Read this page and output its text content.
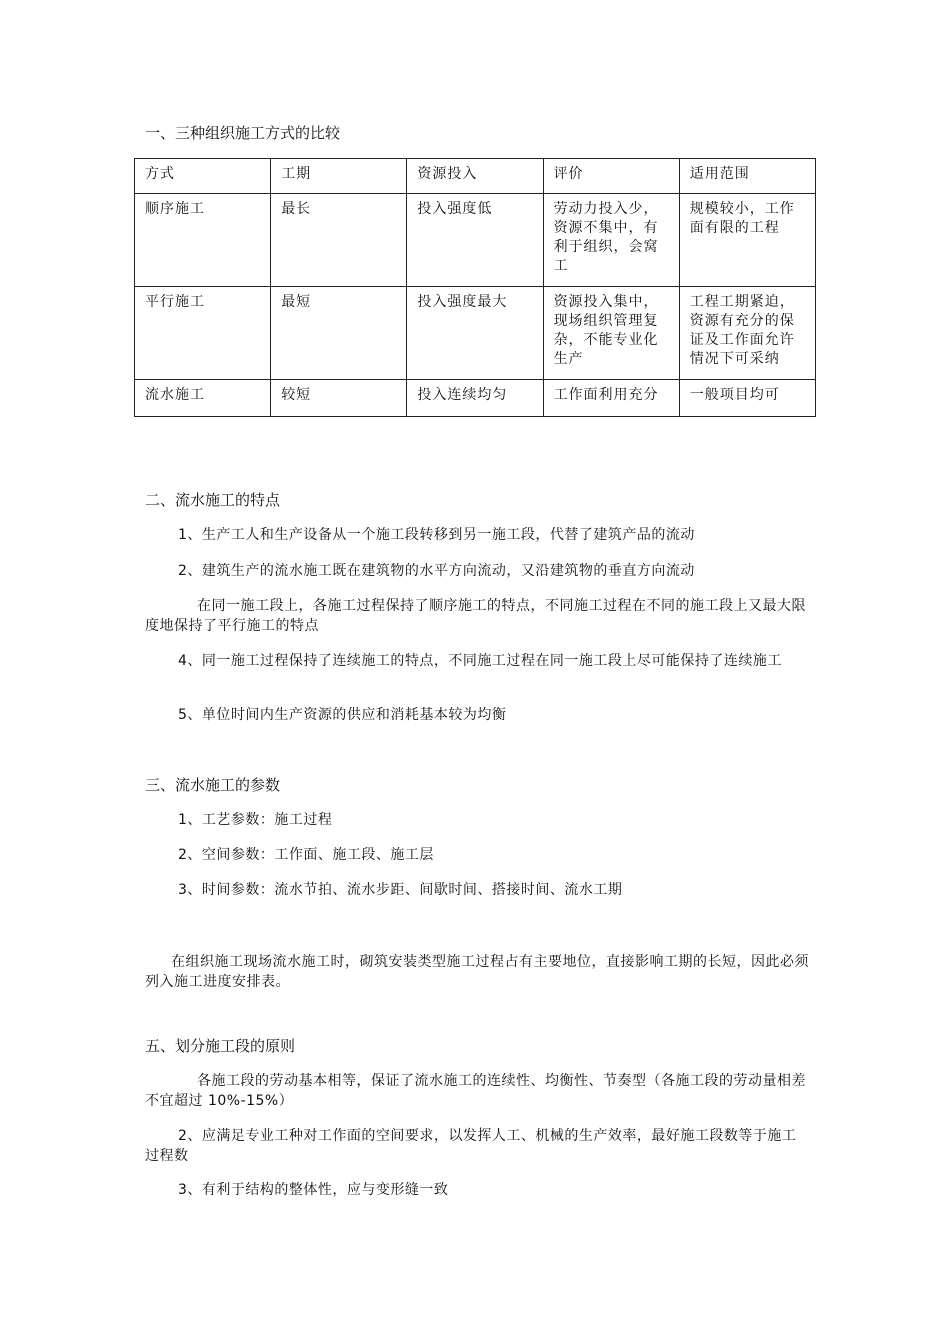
一、三种组织施工方式的比较
方式	工期	资源投入	评价	适用范围
顺序施工	最长	投入强度低	劳动力投入少，资源不集中，有利于组织，会窝工	规模较小，工作面有限的工程
平行施工	最短	投入强度最大	资源投入集中，现场组织管理复杂，不能专业化生产	工程工期紧迫，资源有充分的保证及工作面允许情况下可采纳
流水施工	较短	投入连续均匀	工作面利用充分	一般项目均可
二、流水施工的特点
1、生产工人和生产设备从一个施工段转移到另一施工段，代替了建筑产品的流动
2、建筑生产的流水施工既在建筑物的水平方向流动，又沿建筑物的垂直方向流动
在同一施工段上，各施工过程保持了顺序施工的特点，不同施工过程在不同的施工段上又最大限度地保持了平行施工的特点
4、同一施工过程保持了连续施工的特点，不同施工过程在同一施工段上尽可能保持了连续施工
5、单位时间内生产资源的供应和消耗基本较为均衡
三、流水施工的参数
1、工艺参数：施工过程
2、空间参数：工作面、施工段、施工层
3、时间参数：流水节拍、流水步距、间歇时间、搭接时间、流水工期
在组织施工现场流水施工时，砌筑安装类型施工过程占有主要地位，直接影响工期的长短，因此必须列入施工进度安排表。
五、划分施工段的原则
各施工段的劳动基本相等，保证了流水施工的连续性、均衡性、节奏型（各施工段的劳动量相差不宜超过 10%-15%）
2、应满足专业工种对工作面的空间要求，以发挥人工、机械的生产效率，最好施工段数等于施工过程数
3、有利于结构的整体性，应与变形缝一致
